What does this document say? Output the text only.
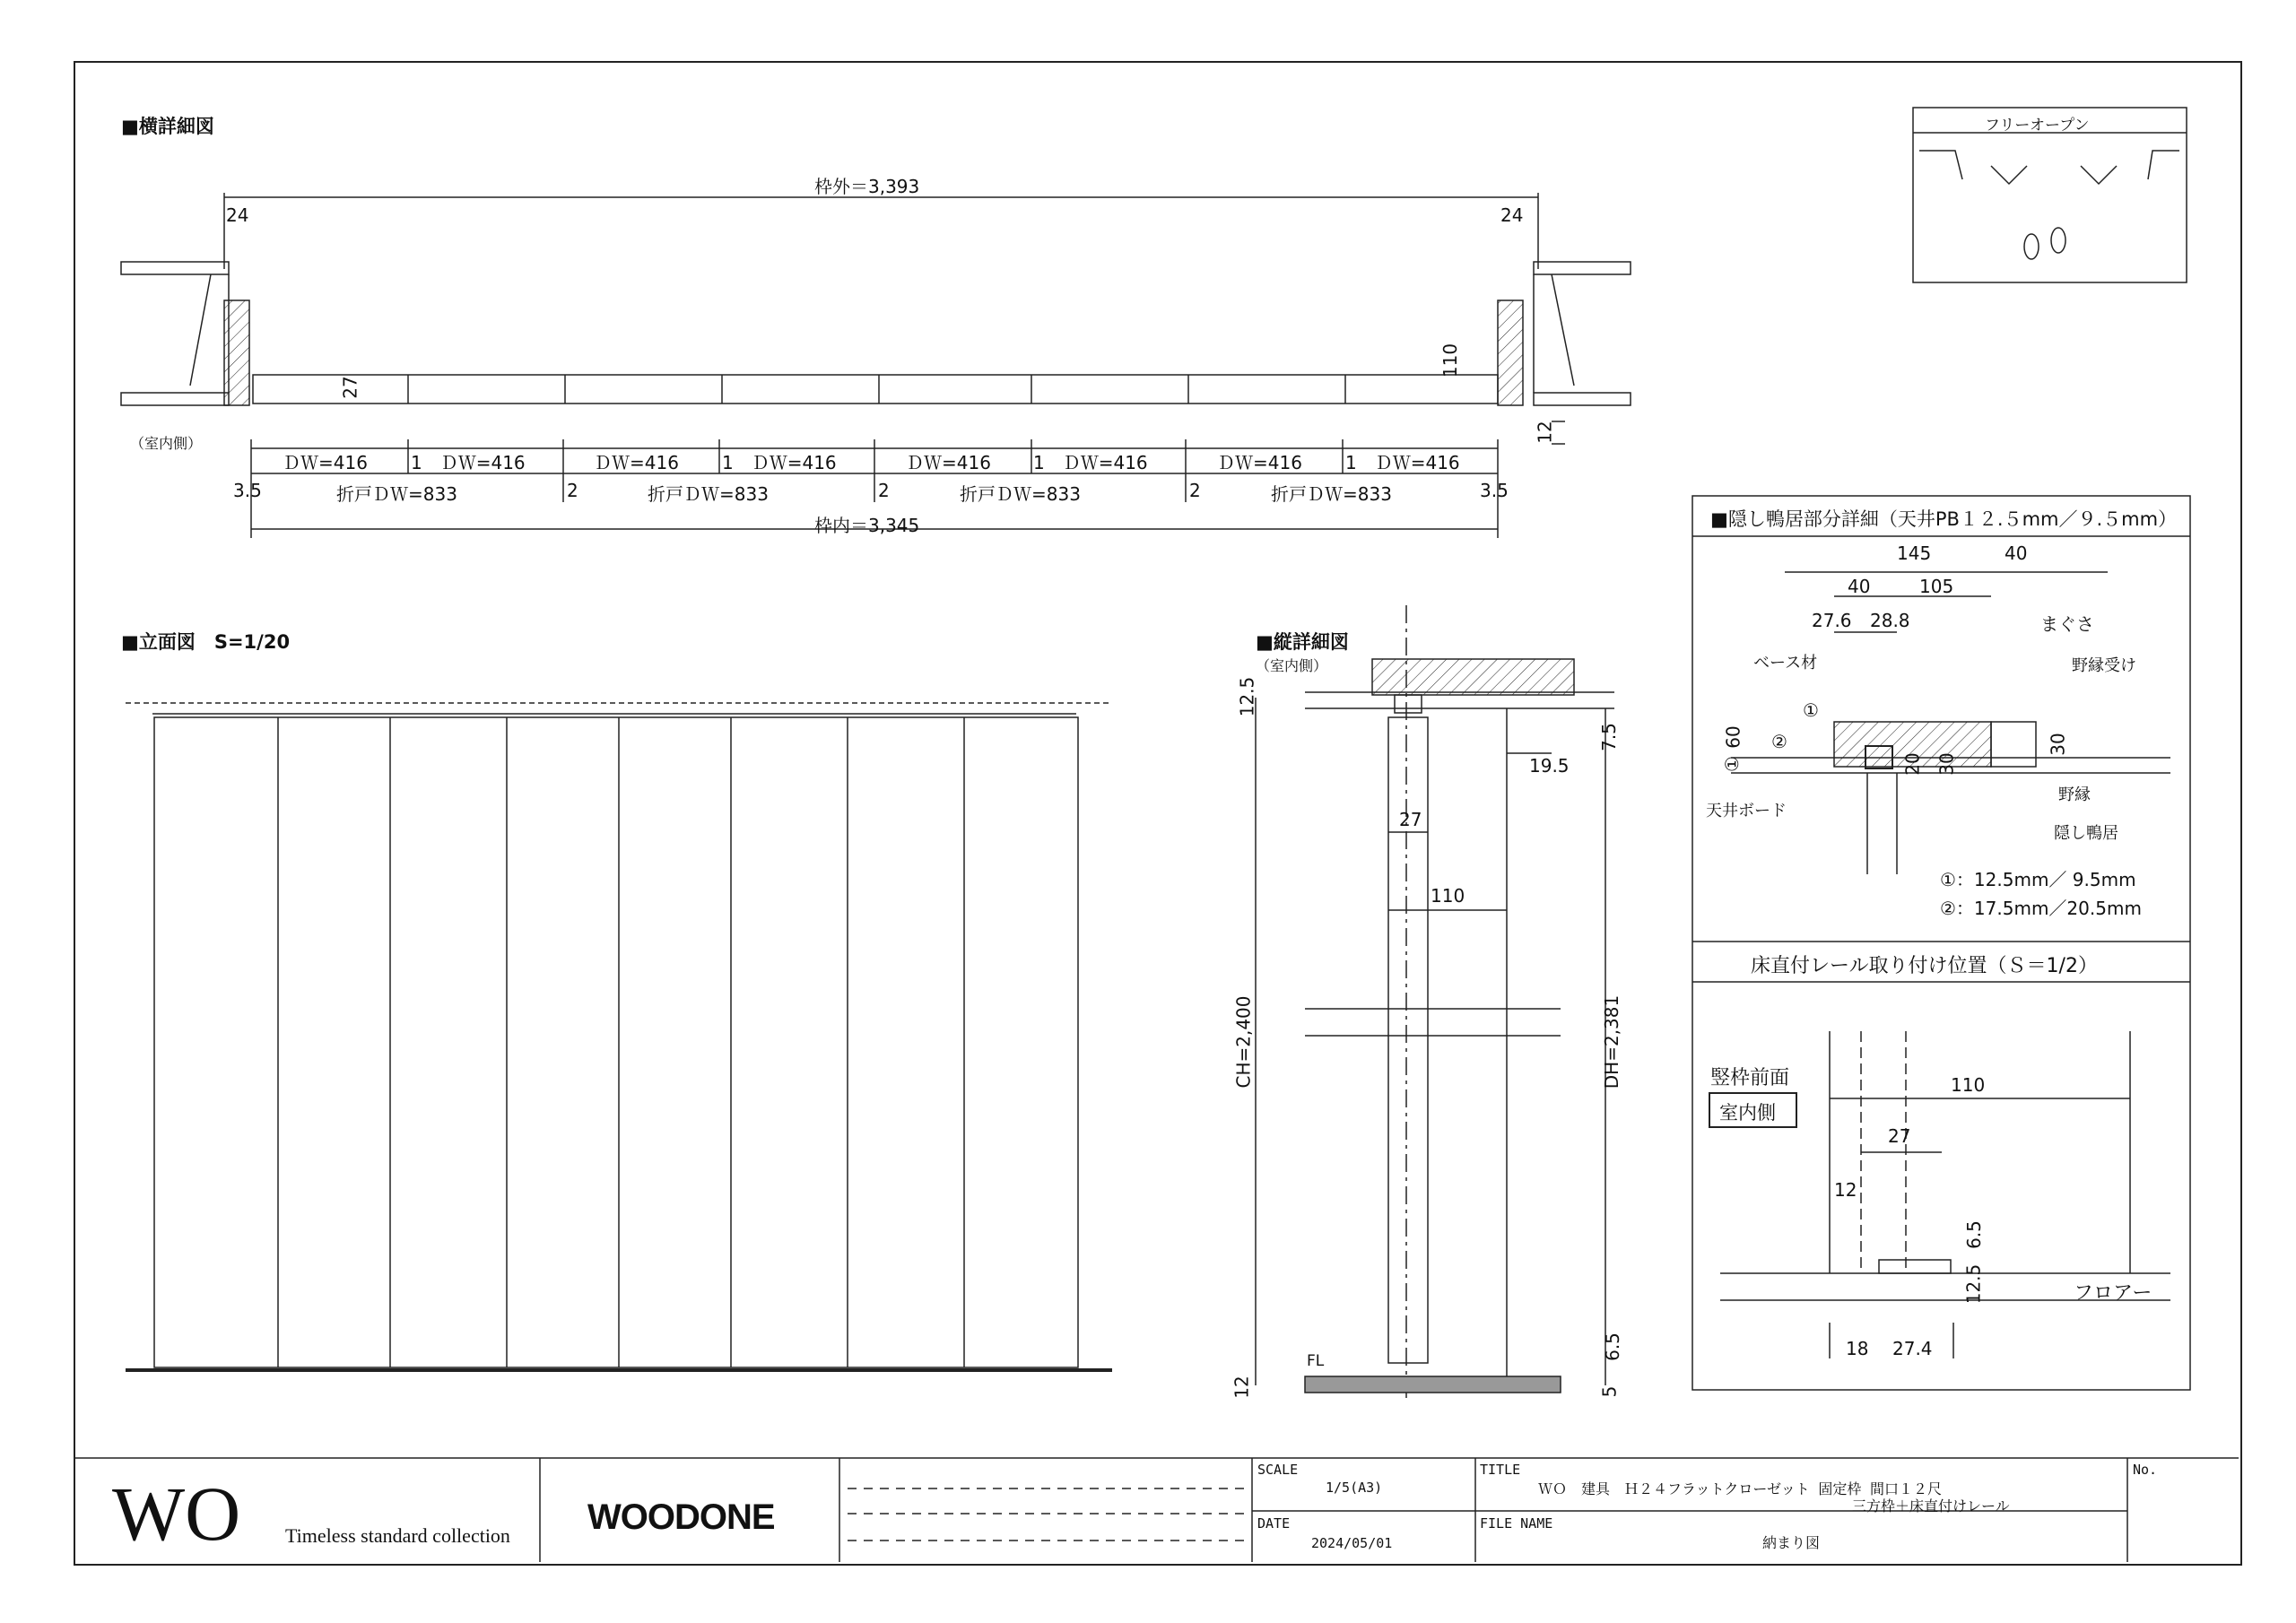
■横詳細図
■立面図　S=1/20	■縦詳細図
■隠し鴨居部分詳細（天井PB１２.５mm／９.５mm）
床直付レール取り付け位置（Ｓ＝1/2）
フリーオープン
枠外＝3,393
24	24
27
110
12
（室内側）
ＤＷ=416 1　ＤＷ=416	ＤＷ=416 1　ＤＷ=416	ＤＷ=416 1　ＤＷ=416	ＤＷ=416 1　ＤＷ=416
折戸ＤＷ=833	折戸ＤＷ=833	折戸ＤＷ=833	折戸ＤＷ=833
3.5	2	2	2	3.5
枠内＝3,345
（室内側）
12.5
7.5
19.5
27
110
CH=2,400	DH=2,381
FL
6.5
12	5
145	40
40	105
27.6 28.8	まぐさ
ベース材	野縁受け
60
①
①
②
20 30
30
天井ボード
野縁
隠し鴨居
①：12.5mm／ 9.5mm
②：17.5mm／20.5mm
竪枠前面
室内側
110
27
12
6.5
12.5	フロアー
18 27.4
WO Timeless standard collection WOODONE
SCALE
1/5(A3)
DATE
2024/05/01
TITLE
ＷＯ　建具　Ｈ２４フラットクローゼット 固定枠 間口１２尺
三方枠＋床直付けレール
FILE NAME
納まり図
No.
